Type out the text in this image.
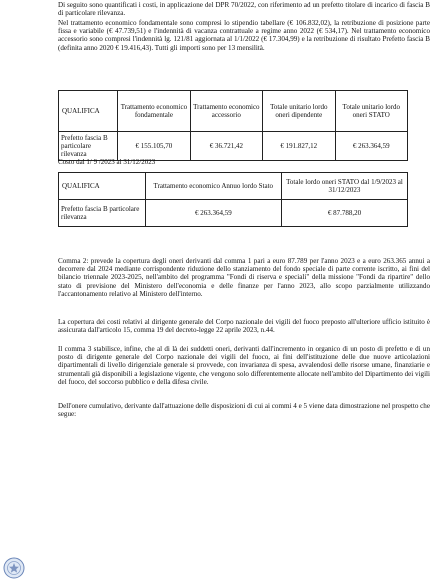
Di seguito sono quantificati i costi, in applicazione del DPR 70/2022, con riferimento ad un prefetto titolare di incarico di fascia B di particolare rilevanza.

Nel trattamento economico fondamentale sono compresi lo stipendio tabellare (€ 106.832,02), la retribuzione di posizione parte fissa e variabile (€ 47.739,51) e l'indennità di vacanza contrattuale a regime anno 2022 (€ 534,17). Nel trattamento economico accessorio sono compresi l'indennità lg. 121/81 aggiornata al 1/1/2022 (€ 17.304,99) e la retribuzione di risultato Prefetto fascia B (definita anno 2020 € 19.416,43). Tutti gli importi sono per 13 mensilità.

QUALIFICA	Trattamento economico fondamentale	Trattamento economico accessorio	Totale unitario lordo oneri dipendente	Totale unitario lordo oneri STATO
Prefetto fascia B particolare rilevanza	€ 155.105,70	€ 36.721,42	€ 191.827,12	€ 263.364,59
Costo dal 1/ 9 /2023 al 31/12/2023
QUALIFICA	Trattamento economico Annuo lordo Stato	Totale lordo oneri STATO dal 1/9/2023 al 31/12/2023
Prefetto fascia B particolare rilevanza	€ 263.364,59	€ 87.788,20

Comma 2: prevede la copertura degli oneri derivanti dal comma 1 pari a euro 87.789 per l'anno 2023 e a euro 263.365 annui a decorrere dal 2024 mediante corrispondente riduzione dello stanziamento del fondo speciale di parte corrente iscritto, ai fini del bilancio triennale 2023-2025, nell'ambito del programma "Fondi di riserva e speciali" della missione "Fondi da ripartire" dello stato di previsione del Ministero dell'economia e delle finanze per l'anno 2023, allo scopo parzialmente utilizzando l'accantonamento relativo al Ministero dell'interno.

La copertura dei costi relativi al dirigente generale del Corpo nazionale dei vigili del fuoco preposto all'ulteriore ufficio istituito è assicurata dall'articolo 15, comma 19 del decreto-legge 22 aprile 2023, n.44.

Il comma 3 stabilisce, infine, che al di là dei suddetti oneri, derivanti dall'incremento in organico di un posto di prefetto e di un posto di dirigente generale del Corpo nazionale dei vigili del fuoco, ai fini dell'istituzione delle due nuove articolazioni dipartimentali di livello dirigenziale generale si provvede, con invarianza di spesa, avvalendosi delle risorse umane, finanziarie e strumentali già disponibili a legislazione vigente, che vengono solo differentemente allocate nell'ambito del Dipartimento dei vigili del fuoco, del soccorso pubblico e della difesa civile.

Dell'onere cumulativo, derivante dall'attuazione delle disposizioni di cui ai commi 4 e 5 viene data dimostrazione nel prospetto che segue:
